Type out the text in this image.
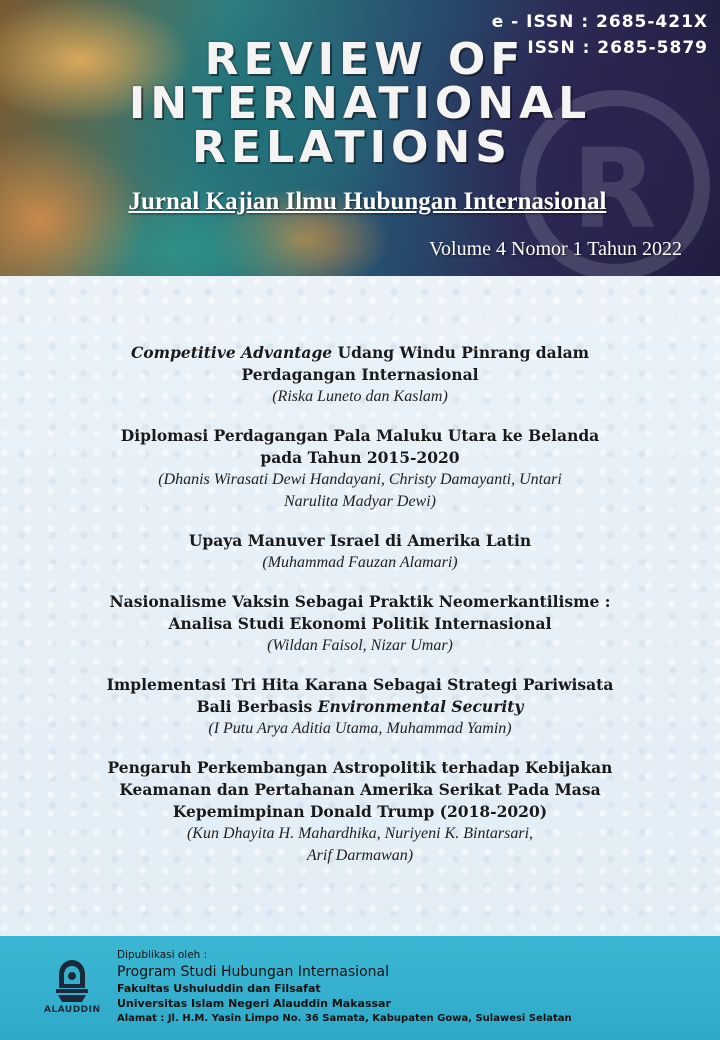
R
e - ISSN : 2685-421X
ISSN : 2685-5879
REVIEW OF
INTERNATIONAL
RELATIONS
Jurnal Kajian Ilmu Hubungan Internasional
Volume 4 Nomor 1 Tahun 2022
Competitive Advantage Udang Windu Pinrang dalam
Perdagangan Internasional
(Riska Luneto dan Kaslam)
Diplomasi Perdagangan Pala Maluku Utara ke Belanda
pada Tahun 2015-2020
(Dhanis Wirasati Dewi Handayani, Christy Damayanti, Untari
Narulita Madyar Dewi)
Upaya Manuver Israel di Amerika Latin
(Muhammad Fauzan Alamari)
Nasionalisme Vaksin Sebagai Praktik Neomerkantilisme :
Analisa Studi Ekonomi Politik Internasional
(Wildan Faisol, Nizar Umar)
Implementasi Tri Hita Karana Sebagai Strategi Pariwisata
Bali Berbasis Environmental Security
(I Putu Arya Aditia Utama, Muhammad Yamin)
Pengaruh Perkembangan Astropolitik terhadap Kebijakan
Keamanan dan Pertahanan Amerika Serikat Pada Masa
Kepemimpinan Donald Trump (2018-2020)
(Kun Dhayita H. Mahardhika, Nuriyeni K. Bintarsari,
Arif Darmawan)
ALAUDDIN
Dipublikasi oleh :
Program Studi Hubungan Internasional
Fakultas Ushuluddin dan Filsafat
Universitas Islam Negeri Alauddin Makassar
Alamat : Jl. H.M. Yasin Limpo No. 36 Samata, Kabupaten Gowa, Sulawesi Selatan
